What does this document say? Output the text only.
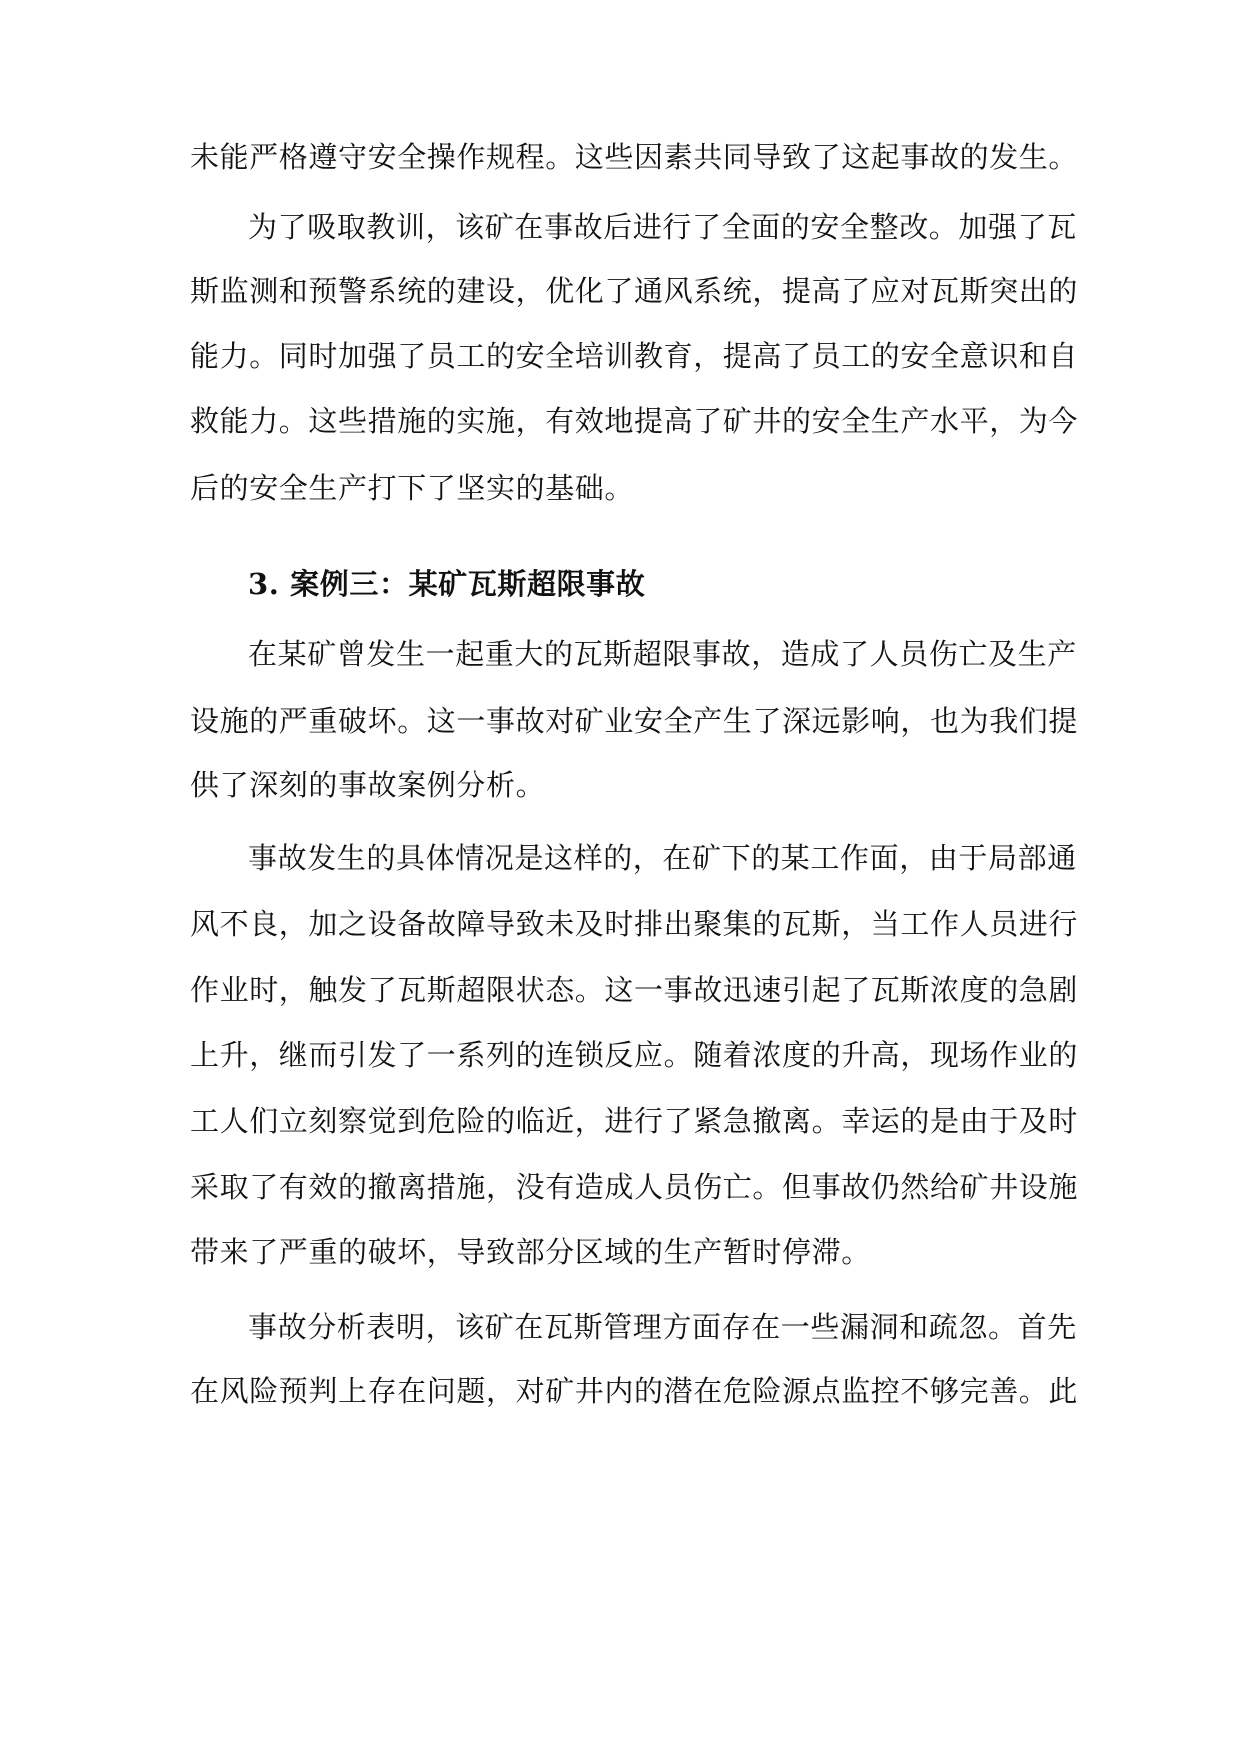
未能严格遵守安全操作规程。这些因素共同导致了这起事故的发生。
为了吸取教训，该矿在事故后进行了全面的安全整改。加强了瓦
斯监测和预警系统的建设，优化了通风系统，提高了应对瓦斯突出的
能力。同时加强了员工的安全培训教育，提高了员工的安全意识和自
救能力。这些措施的实施，有效地提高了矿井的安全生产水平，为今
后的安全生产打下了坚实的基础。
3. 案例三：某矿瓦斯超限事故
在某矿曾发生一起重大的瓦斯超限事故，造成了人员伤亡及生产
设施的严重破坏。这一事故对矿业安全产生了深远影响，也为我们提
供了深刻的事故案例分析。
事故发生的具体情况是这样的，在矿下的某工作面，由于局部通
风不良，加之设备故障导致未及时排出聚集的瓦斯，当工作人员进行
作业时，触发了瓦斯超限状态。这一事故迅速引起了瓦斯浓度的急剧
上升，继而引发了一系列的连锁反应。随着浓度的升高，现场作业的
工人们立刻察觉到危险的临近，进行了紧急撤离。幸运的是由于及时
采取了有效的撤离措施，没有造成人员伤亡。但事故仍然给矿井设施
带来了严重的破坏，导致部分区域的生产暂时停滞。
事故分析表明，该矿在瓦斯管理方面存在一些漏洞和疏忽。首先
在风险预判上存在问题，对矿井内的潜在危险源点监控不够完善。此
